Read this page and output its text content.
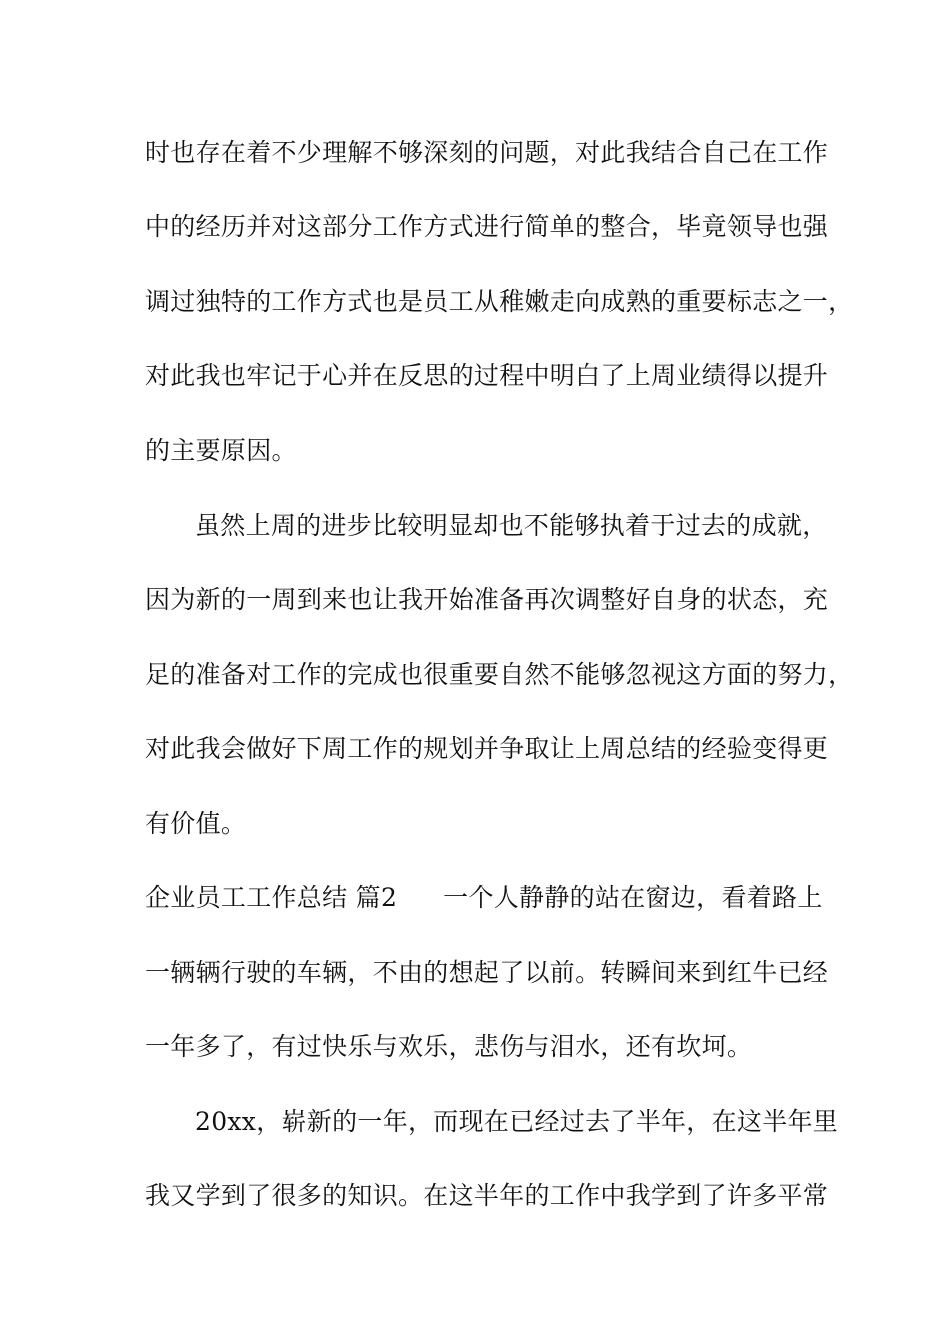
时也存在着不少理解不够深刻的问题，对此我结合自己在工作
中的经历并对这部分工作方式进行简单的整合，毕竟领导也强
调过独特的工作方式也是员工从稚嫩走向成熟的重要标志之一，
对此我也牢记于心并在反思的过程中明白了上周业绩得以提升
的主要原因。
虽然上周的进步比较明显却也不能够执着于过去的成就，
因为新的一周到来也让我开始准备再次调整好自身的状态，充
足的准备对工作的完成也很重要自然不能够忽视这方面的努力，
对此我会做好下周工作的规划并争取让上周总结的经验变得更
有价值。
企业员工工作总结 篇2 一个人静静的站在窗边，看着路上
一辆辆行驶的车辆，不由的想起了以前。转瞬间来到红牛已经
一年多了，有过快乐与欢乐，悲伤与泪水，还有坎坷。
20xx，崭新的一年，而现在已经过去了半年，在这半年里
我又学到了很多的知识。在这半年的工作中我学到了许多平常
